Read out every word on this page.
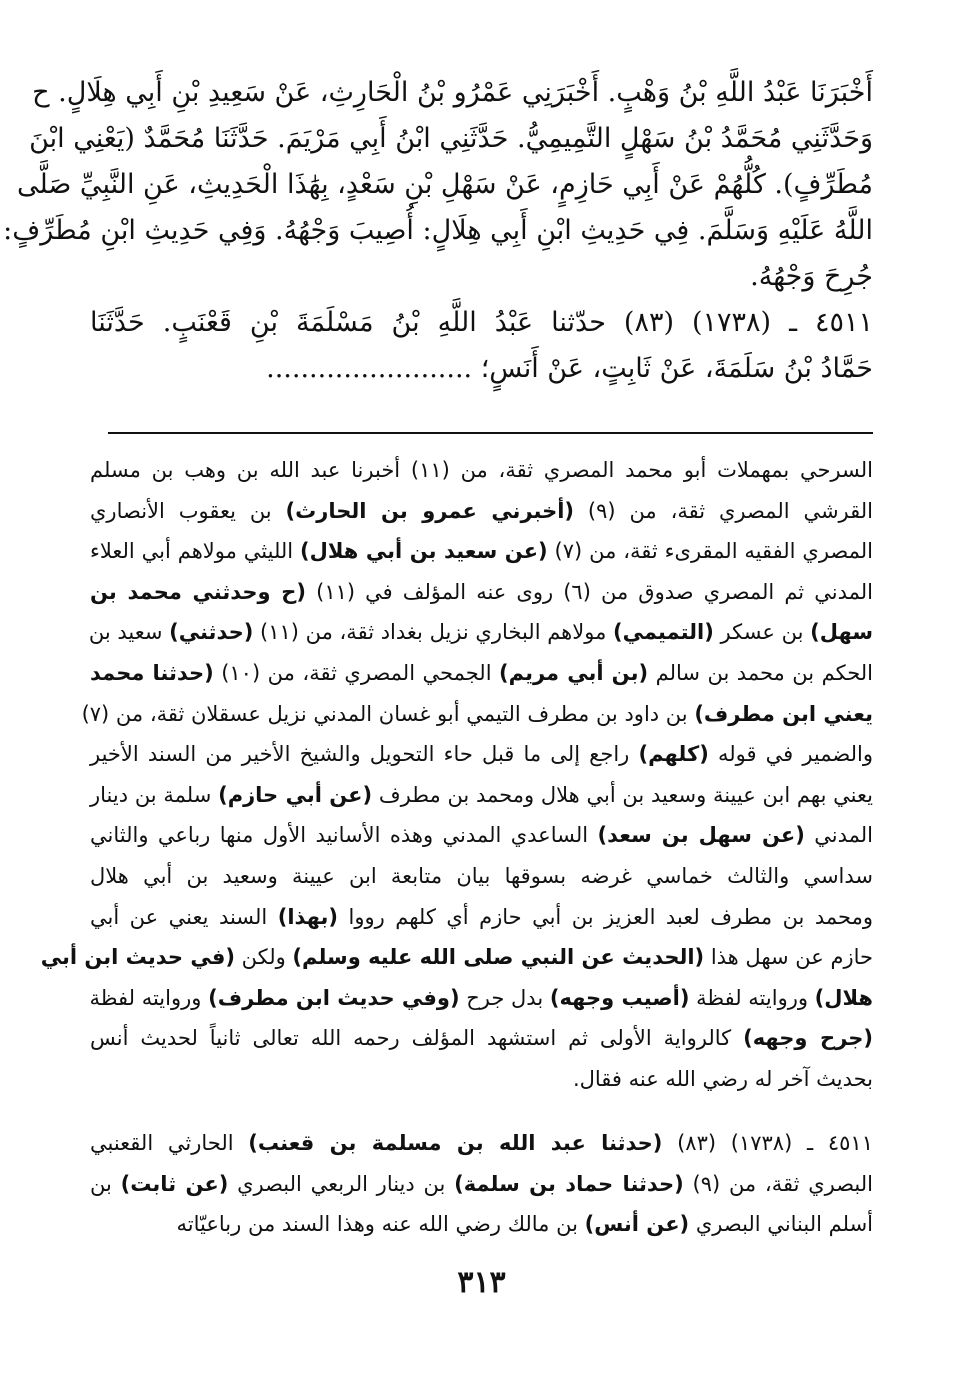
أَخْبَرَنَا عَبْدُ اللَّهِ بْنُ وَهْبٍ. أَخْبَرَنِي عَمْرُو بْنُ الْحَارِثِ، عَنْ سَعِيدِ بْنِ أَبِي هِلَالٍ. ح
وَحَدَّثَنِي مُحَمَّدُ بْنُ سَهْلٍ التَّمِيمِيُّ. حَدَّثَنِي ابْنُ أَبِي مَرْيَمَ. حَدَّثَنَا مُحَمَّدٌ (يَعْنِي ابْنَ
مُطَرِّفٍ). كُلُّهُمْ عَنْ أَبِي حَازِمٍ، عَنْ سَهْلِ بْنِ سَعْدٍ، بِهَٰذَا الْحَدِيثِ، عَنِ النَّبِيِّ صَلَّى
اللَّهُ عَلَيْهِ وَسَلَّمَ. فِي حَدِيثِ ابْنِ أَبِي هِلَالٍ: أُصِيبَ وَجْهُهُ. وَفِي حَدِيثِ ابْنِ مُطَرِّفٍ:
جُرِحَ وَجْهُهُ.
٤٥١١ ـ (١٧٣٨) (٨٣) حدّثنا عَبْدُ اللَّهِ بْنُ مَسْلَمَةَ بْنِ قَعْنَبٍ. حَدَّثَنَا
حَمَّادُ بْنُ سَلَمَةَ، عَنْ ثَابِتٍ، عَنْ أَنَسٍ؛ ........................
السرحي بمهملات أبو محمد المصري ثقة، من (١١) أخبرنا عبد الله بن وهب بن مسلم
القرشي المصري ثقة، من (٩) (أخبرني عمرو بن الحارث) بن يعقوب الأنصاري
المصري الفقيه المقرىء ثقة، من (٧) (عن سعيد بن أبي هلال) الليثي مولاهم أبي العلاء
المدني ثم المصري صدوق من (٦) روى عنه المؤلف في (١١) (ح وحدثني محمد بن
سهل) بن عسكر (التميمي) مولاهم البخاري نزيل بغداد ثقة، من (١١) (حدثني) سعيد بن
الحكم بن محمد بن سالم (بن أبي مريم) الجمحي المصري ثقة، من (١٠) (حدثنا محمد
يعني ابن مطرف) بن داود بن مطرف التيمي أبو غسان المدني نزيل عسقلان ثقة، من (٧)
والضمير في قوله (كلهم) راجع إلى ما قبل حاء التحويل والشيخ الأخير من السند الأخير
يعني بهم ابن عيينة وسعيد بن أبي هلال ومحمد بن مطرف (عن أبي حازم) سلمة بن دينار
المدني (عن سهل بن سعد) الساعدي المدني وهذه الأسانيد الأول منها رباعي والثاني
سداسي والثالث خماسي غرضه بسوقها بيان متابعة ابن عيينة وسعيد بن أبي هلال
ومحمد بن مطرف لعبد العزيز بن أبي حازم أي كلهم رووا (بهذا) السند يعني عن أبي
حازم عن سهل هذا (الحديث عن النبي صلى الله عليه وسلم) ولكن (في حديث ابن أبي
هلال) وروايته لفظة (أصيب وجهه) بدل جرح (وفي حديث ابن مطرف) وروايته لفظة
(جرح وجهه) كالرواية الأولى ثم استشهد المؤلف رحمه الله تعالى ثانياً لحديث أنس
بحديث آخر له رضي الله عنه فقال.
٤٥١١ ـ (١٧٣٨) (٨٣) (حدثنا عبد الله بن مسلمة بن قعنب) الحارثي القعنبي
البصري ثقة، من (٩) (حدثنا حماد بن سلمة) بن دينار الربعي البصري (عن ثابت) بن
أسلم البناني البصري (عن أنس) بن مالك رضي الله عنه وهذا السند من رباعيّاته
٣١٣
